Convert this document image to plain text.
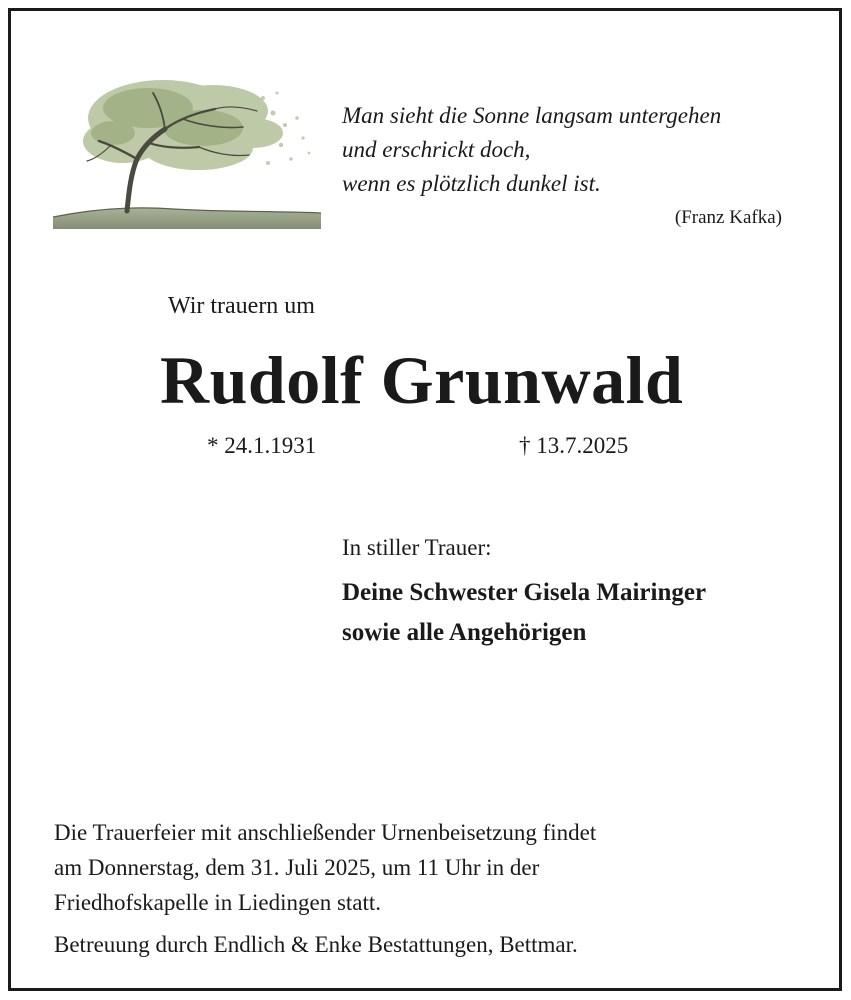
Man sieht die Sonne langsam untergehen
und erschrickt doch,
wenn es plötzlich dunkel ist.
(Franz Kafka)
Wir trauern um
Rudolf Grunwald
* 24.1.1931	† 13.7.2025
In stiller Trauer:
Deine Schwester Gisela Mairinger
sowie alle Angehörigen
Die Trauerfeier mit anschließender Urnenbeisetzung findet
am Donnerstag, dem 31. Juli 2025, um 11 Uhr in der
Friedhofskapelle in Liedingen statt.
Betreuung durch Endlich & Enke Bestattungen, Bettmar.
